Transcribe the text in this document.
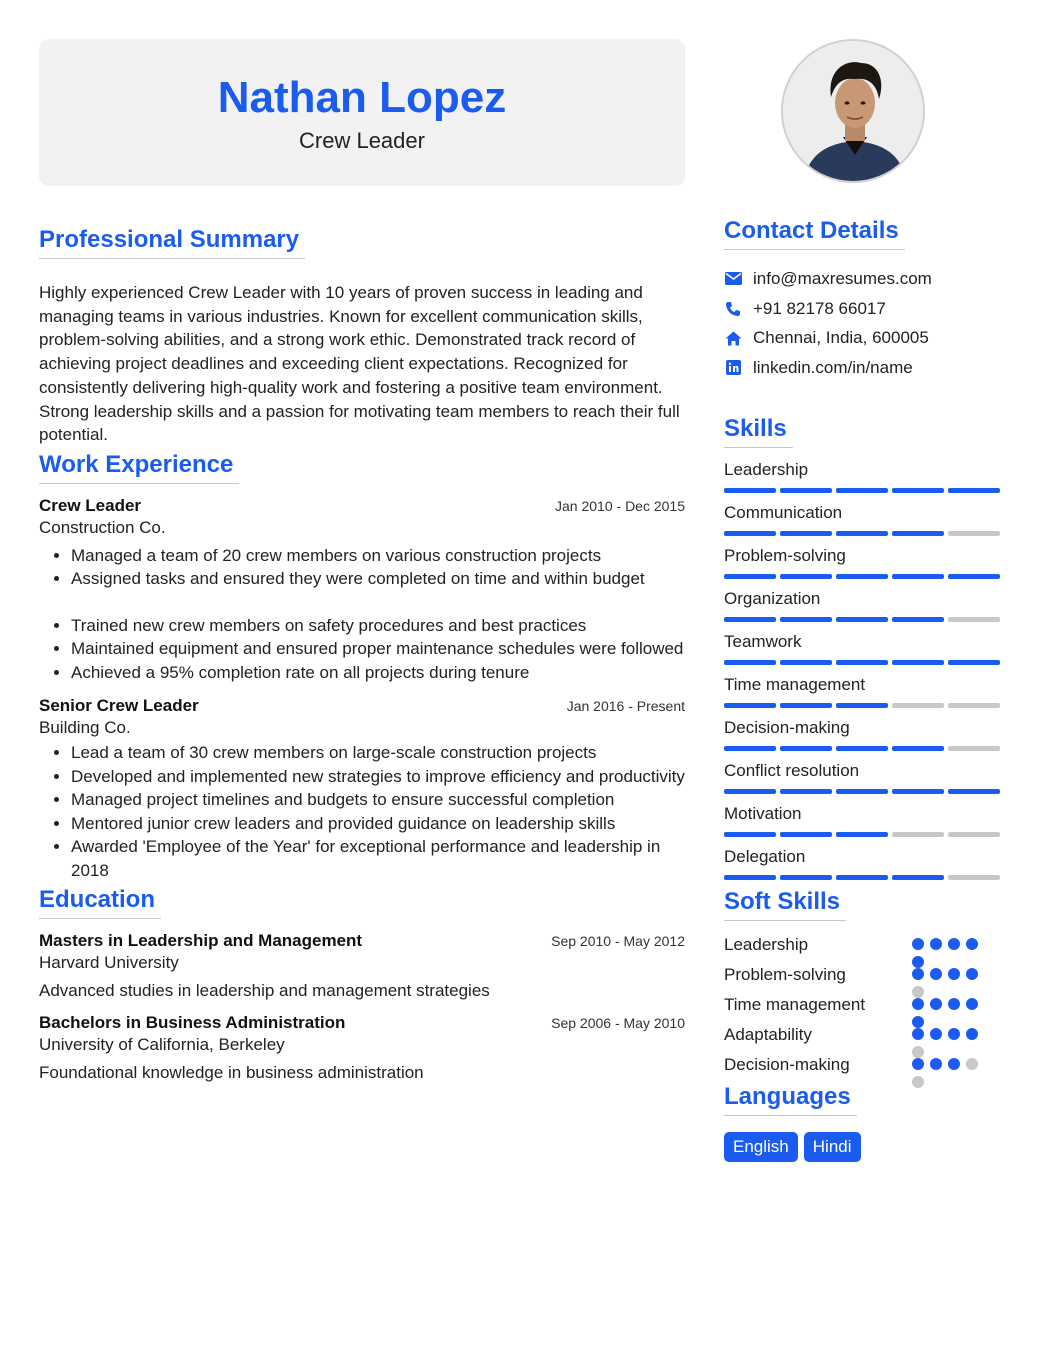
Nathan Lopez
Crew Leader
Professional Summary

Highly experienced Crew Leader with 10 years of proven success in leading and managing teams in various industries. Known for excellent communication skills, problem-solving abilities, and a strong work ethic. Demonstrated track record of achieving project deadlines and exceeding client expectations. Recognized for consistently delivering high-quality work and fostering a positive team environment. Strong leadership skills and a passion for motivating team members to reach their full potential.

Work Experience
Crew Leader	Jan 2010 - Dec 2015
Construction Co.
• Managed a team of 20 crew members on various construction projects
• Assigned tasks and ensured they were completed on time and within budget
• Trained new crew members on safety procedures and best practices
• Maintained equipment and ensured proper maintenance schedules were followed
• Achieved a 95% completion rate on all projects during tenure
Senior Crew Leader	Jan 2016 - Present
Building Co.
• Lead a team of 30 crew members on large-scale construction projects
• Developed and implemented new strategies to improve efficiency and productivity
• Managed project timelines and budgets to ensure successful completion
• Mentored junior crew leaders and provided guidance on leadership skills
• Awarded 'Employee of the Year' for exceptional performance and leadership in 2018
Education
Masters in Leadership and Management	Sep 2010 - May 2012
Harvard University
Advanced studies in leadership and management strategies
Bachelors in Business Administration	Sep 2006 - May 2010
University of California, Berkeley
Foundational knowledge in business administration
Contact Details
info@maxresumes.com
+91 82178 66017
Chennai, India, 600005
linkedin.com/in/name
Skills
Leadership
Communication
Problem-solving
Organization
Teamwork
Time management
Decision-making
Conflict resolution
Motivation
Delegation
Soft Skills
Leadership
Problem-solving
Time management
Adaptability
Decision-making
Languages
English	Hindi
